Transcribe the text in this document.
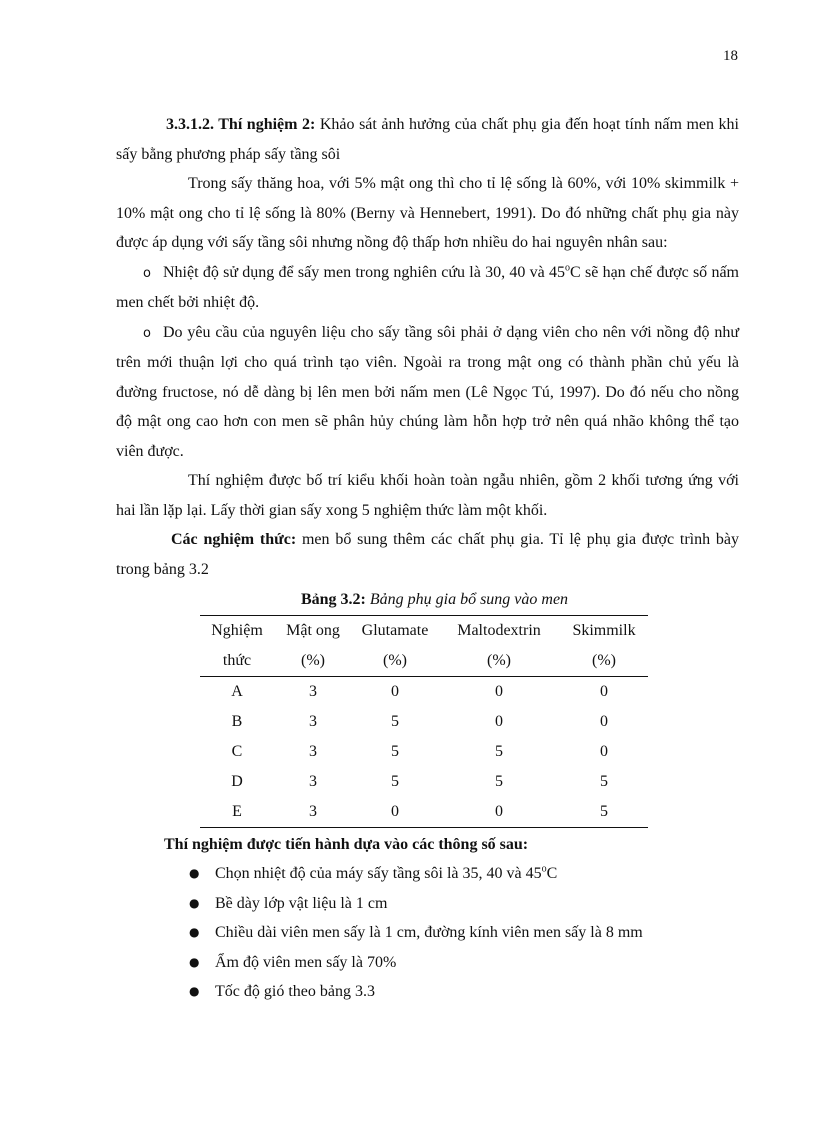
18

3.3.1.2. Thí nghiệm 2: Khảo sát ảnh hưởng của chất phụ gia đến hoạt tính nấm men khi sấy bằng phương pháp sấy tầng sôi

Trong sấy thăng hoa, với 5% mật ong thì cho tỉ lệ sống là 60%, với 10% skimmilk + 10% mật ong cho tỉ lệ sống là 80% (Berny và Hennebert, 1991). Do đó những chất phụ gia này được áp dụng với sấy tầng sôi nhưng nồng độ thấp hơn nhiều do hai nguyên nhân sau:

o Nhiệt độ sử dụng để sấy men trong nghiên cứu là 30, 40 và 45$^o$C sẽ hạn chế được số nấm men chết bởi nhiệt độ.

o Do yêu cầu của nguyên liệu cho sấy tầng sôi phải ở dạng viên cho nên với nồng độ như trên mới thuận lợi cho quá trình tạo viên. Ngoài ra trong mật ong có thành phần chủ yếu là đường fructose, nó dễ dàng bị lên men bởi nấm men (Lê Ngọc Tú, 1997). Do đó nếu cho nồng độ mật ong cao hơn con men sẽ phân hủy chúng làm hỗn hợp trở nên quá nhão không thể tạo viên được.

Thí nghiệm được bố trí kiểu khối hoàn toàn ngẫu nhiên, gồm 2 khối tương ứng với hai lần lặp lại. Lấy thời gian sấy xong 5 nghiệm thức làm một khối.

Các nghiệm thức: men bổ sung thêm các chất phụ gia. Tỉ lệ phụ gia được trình bày trong bảng 3.2

Bảng 3.2: Bảng phụ gia bổ sung vào men

Nghiệm	Mật ong	Glutamate	Maltodextrin	Skimmilk
thức	(%)	(%)	(%)	(%)
A	3	0	0	0
B	3	5	0	0
C	3	5	5	0
D	3	5	5	5
E	3	0	0	5

Thí nghiệm được tiến hành dựa vào các thông số sau:

● Chọn nhiệt độ của máy sấy tầng sôi là 35, 40 và 45$^o$C
● Bề dày lớp vật liệu là 1 cm
● Chiều dài viên men sấy là 1 cm, đường kính viên men sấy là 8 mm
● Ẩm độ viên men sấy là 70%
● Tốc độ gió theo bảng 3.3
